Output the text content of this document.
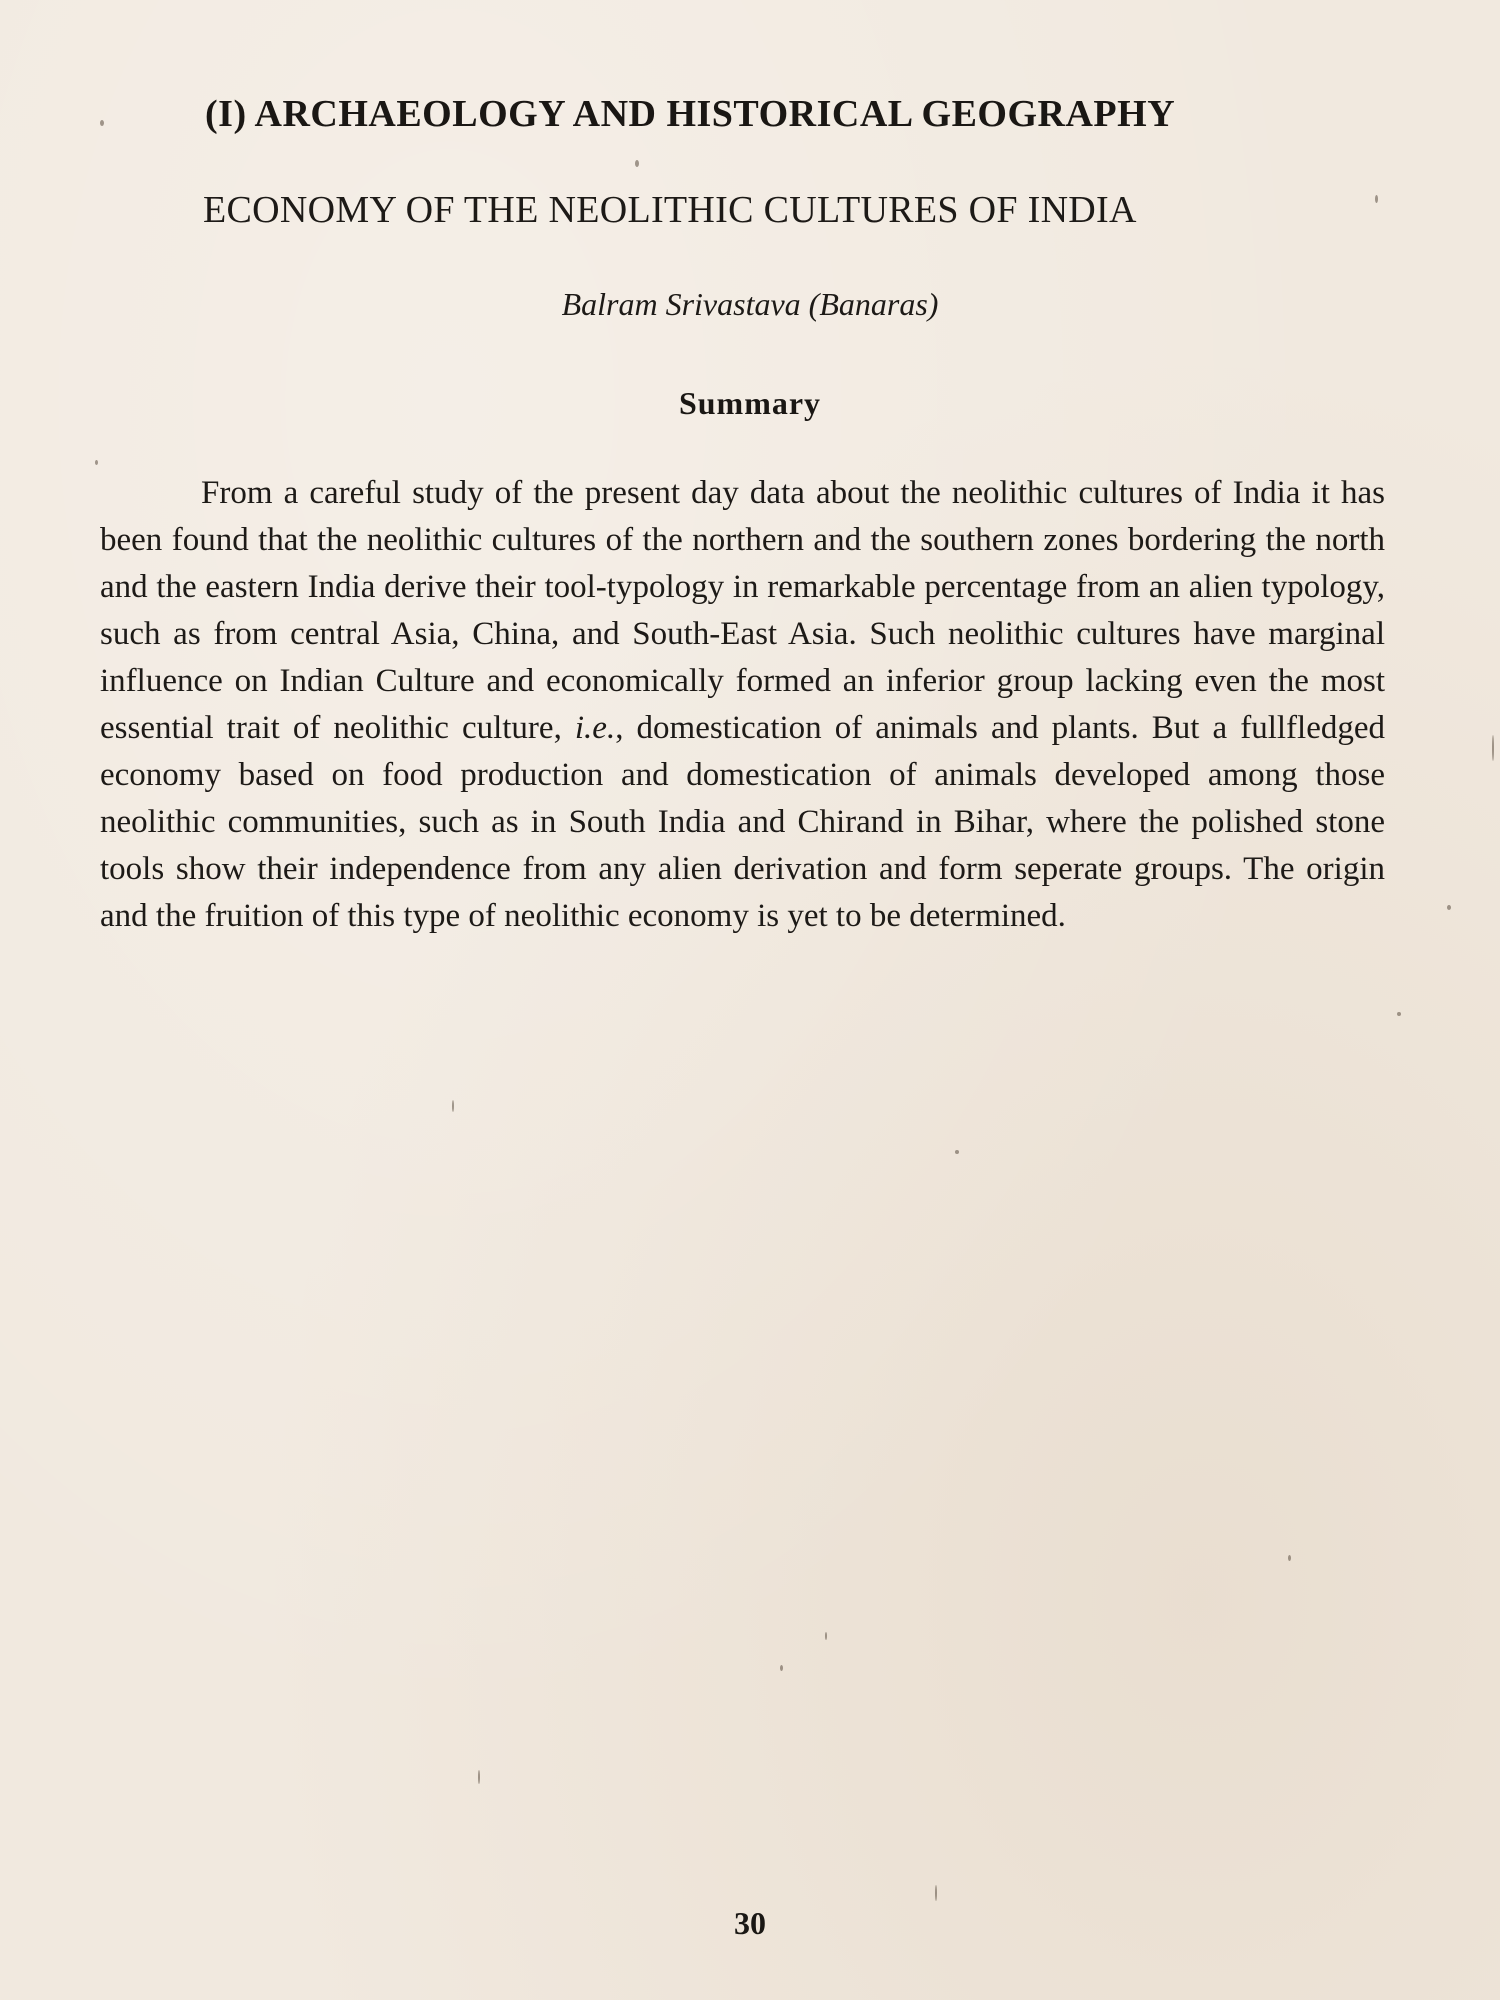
(I) ARCHAEOLOGY AND HISTORICAL GEOGRAPHY
ECONOMY OF THE NEOLITHIC CULTURES OF INDIA
Balram Srivastava (Banaras)
Summary

From a careful study of the present day data about the neolithic cultures of India it has been found that the neolithic cultures of the northern and the southern zones bordering the north and the eastern India derive their tool-typology in remarkable percentage from an alien typology, such as from central Asia, China, and South-East Asia. Such neolithic cultures have marginal influence on Indian Culture and economically formed an inferior group lacking even the most essential trait of neolithic culture, i.e., domestication of animals and plants. But a fullfledged economy based on food production and domestication of animals developed among those neolithic communities, such as in South India and Chirand in Bihar, where the polished stone tools show their independence from any alien derivation and form seperate groups. The origin and the fruition of this type of neolithic economy is yet to be determined.

30
